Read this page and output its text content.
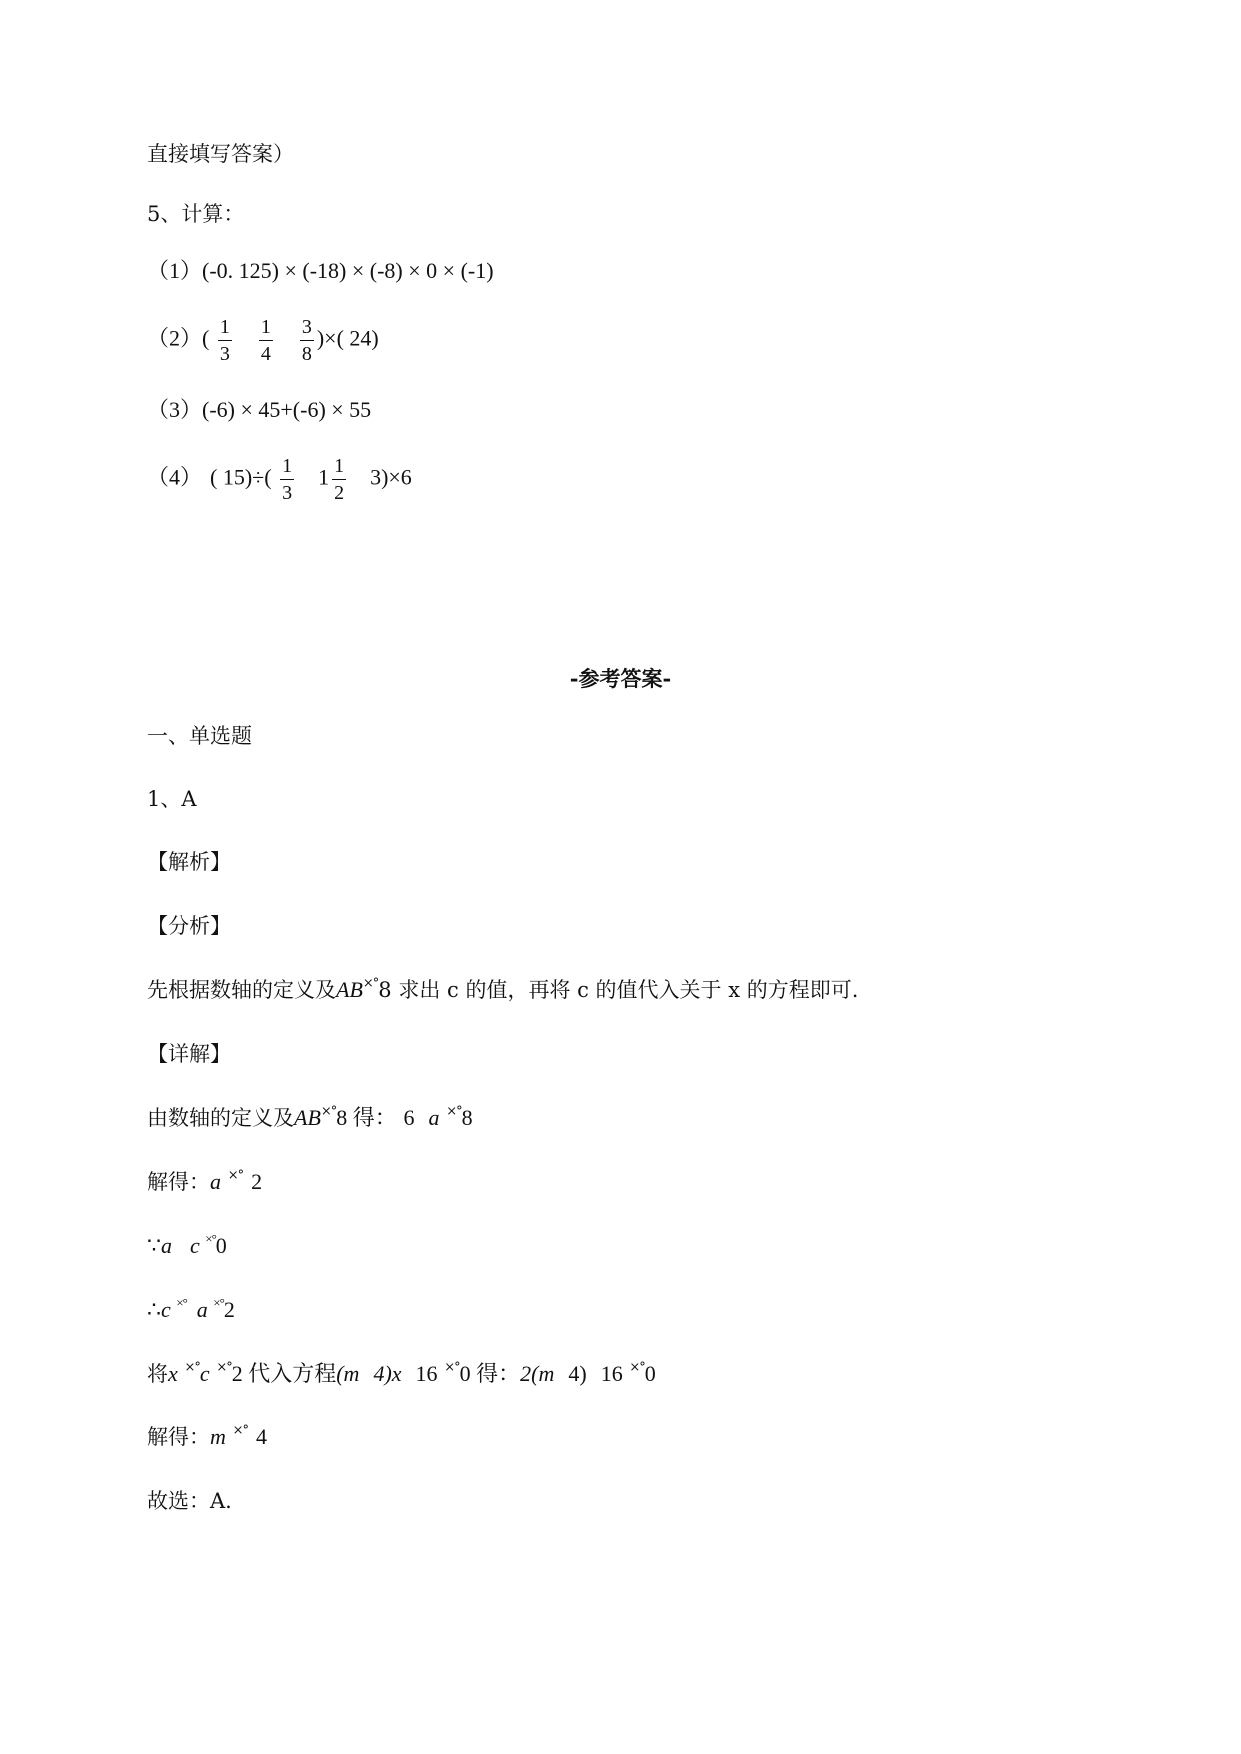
直接填写答案）
5、计算：
（1）(-0. 125) × (-18) × (-8) × 0 × (-1)
$(2)( \frac{1}{3}$
$\frac{1}{4}$
$\frac{3}{8}$ )×( 24)
（3）(-6) × 45+(-6) × 55
（4） ( $15)\div( \frac{1}{3} 1 \frac{1}{2} 3)\times 6$
-参考答案-
一、单选题
1、A
【解析】
【分析】
先根据数轴的定义及AB×°8 求出 c 的值，再将 c 的值代入关于 x 的方程即可.
【详解】
由数轴的定义及AB×°8 得： 6 a ×°8
解得：a ×° 2
∵a c ×°0
∴c ×° a ×°2
将x ×°c ×°2 代入方程(m 4)x 16 ×°0 得：2(m 4) 16 ×°0
解得：m ×° 4
故选：A.
